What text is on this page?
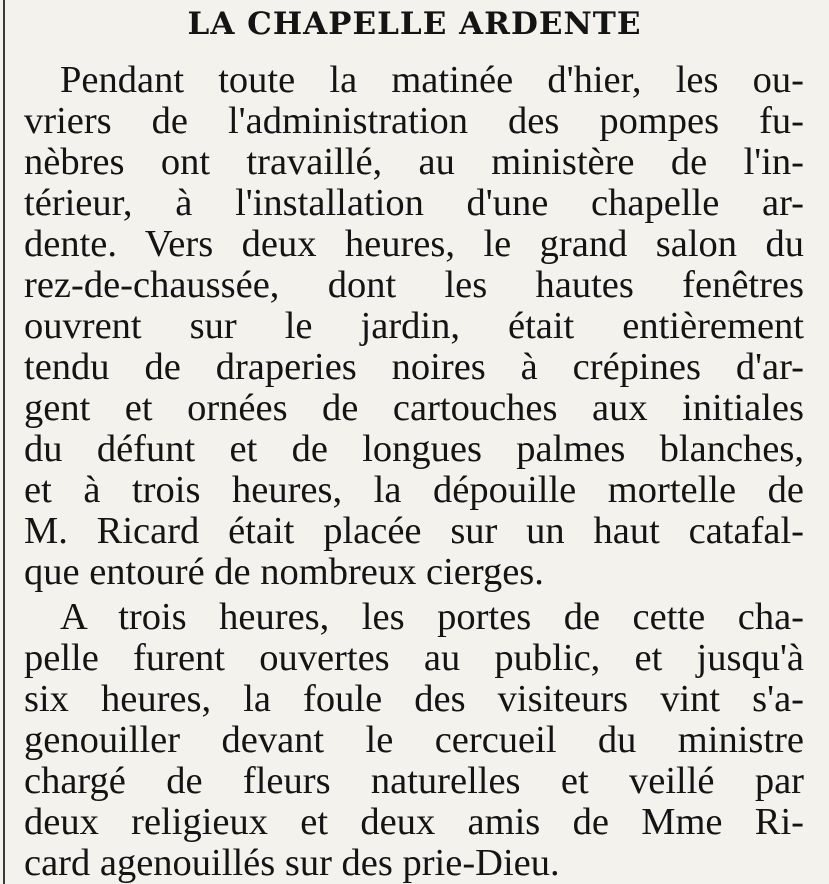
LA CHAPELLE ARDENTE

Pendant toute la matinée d'hier, les ou-

vriers de l'administration des pompes fu-

nèbres ont travaillé, au ministère de l'in-

térieur, à l'installation d'une chapelle ar-

dente. Vers deux heures, le grand salon du

rez-de-chaussée, dont les hautes fenêtres

ouvrent sur le jardin, était entièrement

tendu de draperies noires à crépines d'ar-

gent et ornées de cartouches aux initiales

du défunt et de longues palmes blanches,

et à trois heures, la dépouille mortelle de

M. Ricard était placée sur un haut catafal-

que entouré de nombreux cierges.

A trois heures, les portes de cette cha-

pelle furent ouvertes au public, et jusqu'à

six heures, la foule des visiteurs vint s'a-

genouiller devant le cercueil du ministre

chargé de fleurs naturelles et veillé par

deux religieux et deux amis de Mme Ri-

card agenouillés sur des prie-Dieu.
